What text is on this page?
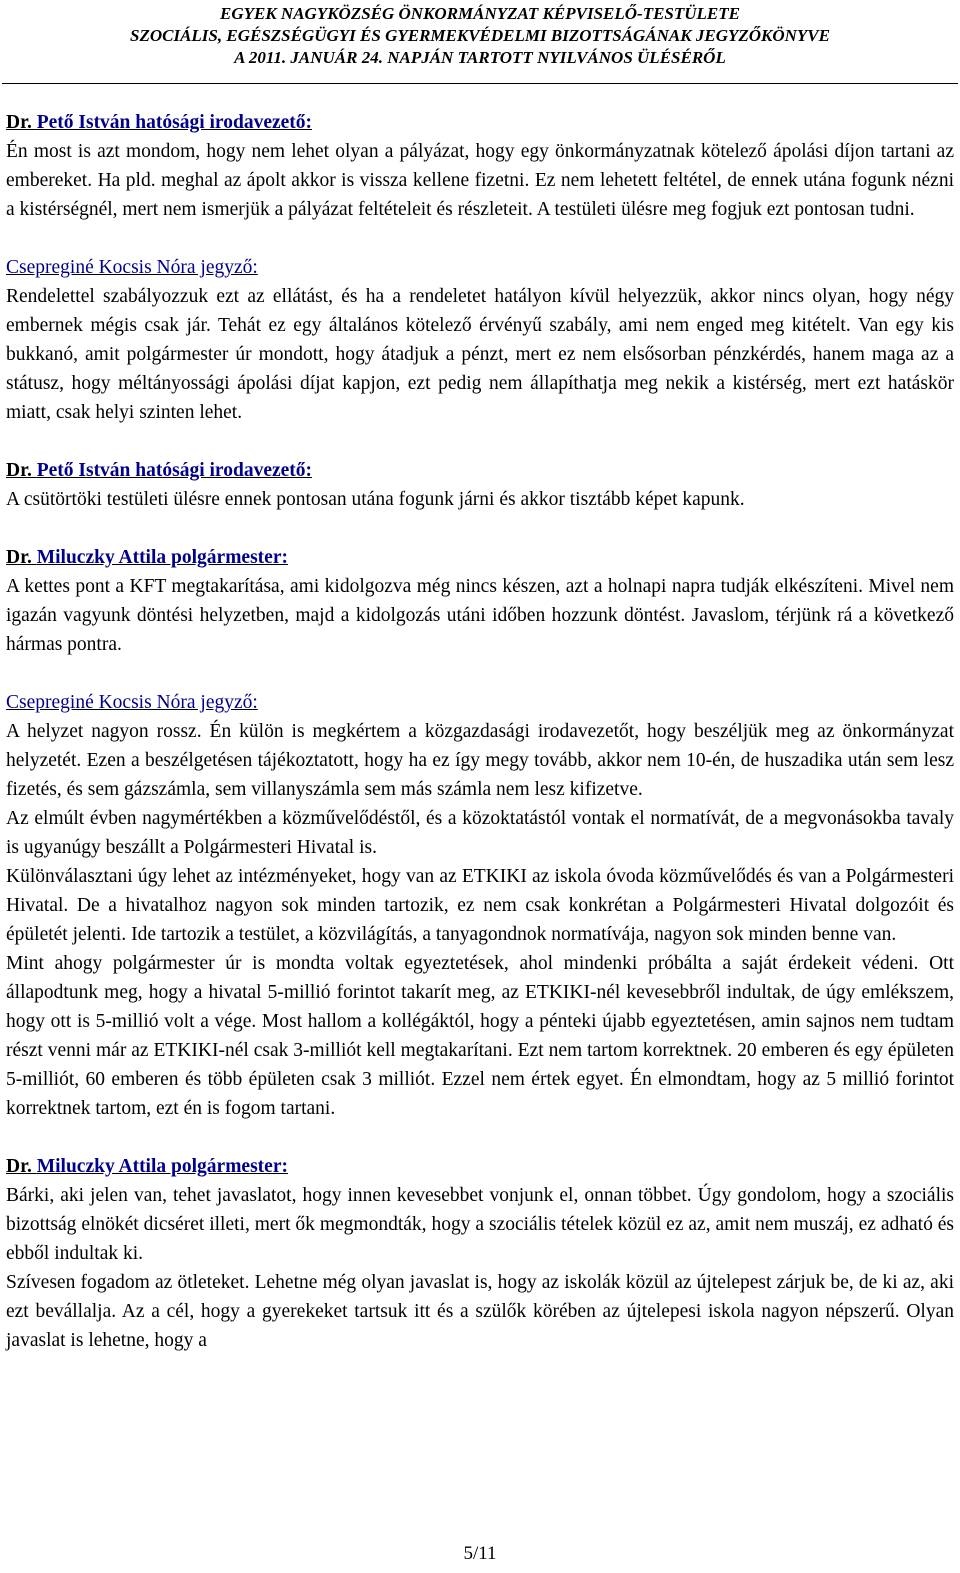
EGYEK NAGYKÖZSÉG ÖNKORMÁNYZAT KÉPVISELŐ-TESTÜLETE
SZOCIÁLIS, EGÉSZSÉGÜGYI ÉS GYERMEKVÉDELMI BIZOTTSÁGÁNAK JEGYZŐKÖNYVE
A 2011. JANUÁR 24. NAPJÁN TARTOTT NYILVÁNOS ÜLÉSÉRŐL
Dr. Pető István hatósági irodavezető:
Én most is azt mondom, hogy nem lehet olyan a pályázat, hogy egy önkormányzatnak kötelező ápolási díjon tartani az embereket. Ha pld. meghal az ápolt akkor is vissza kellene fizetni. Ez nem lehetett feltétel, de ennek utána fogunk nézni a kistérségnél, mert nem ismerjük a pályázat feltételeit és részleteit. A testületi ülésre meg fogjuk ezt pontosan tudni.
Csepreginé Kocsis Nóra jegyző:
Rendelettel szabályozzuk ezt az ellátást, és ha a rendeletet hatályon kívül helyezzük, akkor nincs olyan, hogy négy embernek mégis csak jár. Tehát ez egy általános kötelező érvényű szabály, ami nem enged meg kitételt. Van egy kis bukkanó, amit polgármester úr mondott, hogy átadjuk a pénzt, mert ez nem elsősorban pénzkérdés, hanem maga az a státusz, hogy méltányossági ápolási díjat kapjon, ezt pedig nem állapíthatja meg nekik a kistérség, mert ezt hatáskör miatt, csak helyi szinten lehet.
Dr. Pető István hatósági irodavezető:
A csütörtöki testületi ülésre ennek pontosan utána fogunk járni és akkor tisztább képet kapunk.
Dr. Miluczky Attila polgármester:
A kettes pont a KFT megtakarítása, ami kidolgozva még nincs készen, azt a holnapi napra tudják elkészíteni. Mivel nem igazán vagyunk döntési helyzetben, majd a kidolgozás utáni időben hozzunk döntést. Javaslom, térjünk rá a következő hármas pontra.
Csepreginé Kocsis Nóra jegyző:
A helyzet nagyon rossz. Én külön is megkértem a közgazdasági irodavezetőt, hogy beszéljük meg az önkormányzat helyzetét. Ezen a beszélgetésen tájékoztatott, hogy ha ez így megy tovább, akkor nem 10-én, de huszadika után sem lesz fizetés, és sem gázszámla, sem villanyszámla sem más számla nem lesz kifizetve.
Az elmúlt évben nagymértékben a közművelődéstől, és a közoktatástól vontak el normatívát, de a megvonásokba tavaly is ugyanúgy beszállt a Polgármesteri Hivatal is.
Különválasztani úgy lehet az intézményeket, hogy van az ETKIKI az iskola óvoda közművelődés és van a Polgármesteri Hivatal. De a hivatalhoz nagyon sok minden tartozik, ez nem csak konkrétan a Polgármesteri Hivatal dolgozóit és épületét jelenti. Ide tartozik a testület, a közvilágítás, a tanyagondnok normatívája, nagyon sok minden benne van.
Mint ahogy polgármester úr is mondta voltak egyeztetések, ahol mindenki próbálta a saját érdekeit védeni. Ott állapodtunk meg, hogy a hivatal 5-millió forintot takarít meg, az ETKIKI-nél kevesebbről indultak, de úgy emlékszem, hogy ott is 5-millió volt a vége. Most hallom a kollégáktól, hogy a pénteki újabb egyeztetésen, amin sajnos nem tudtam részt venni már az ETKIKI-nél csak 3-milliót kell megtakarítani. Ezt nem tartom korrektnek. 20 emberen és egy épületen 5-milliót, 60 emberen és több épületen csak 3 milliót. Ezzel nem értek egyet. Én elmondtam, hogy az 5 millió forintot korrektnek tartom, ezt én is fogom tartani.
Dr. Miluczky Attila polgármester:
Bárki, aki jelen van, tehet javaslatot, hogy innen kevesebbet vonjunk el, onnan többet. Úgy gondolom, hogy a szociális bizottság elnökét dicséret illeti, mert ők megmondták, hogy a szociális tételek közül ez az, amit nem muszáj, ez adható és ebből indultak ki.
Szívesen fogadom az ötleteket. Lehetne még olyan javaslat is, hogy az iskolák közül az újtelepest zárjuk be, de ki az, aki ezt bevállalja. Az a cél, hogy a gyerekeket tartsuk itt és a szülők körében az újtelepesi iskola nagyon népszerű. Olyan javaslat is lehetne, hogy a
5/11
